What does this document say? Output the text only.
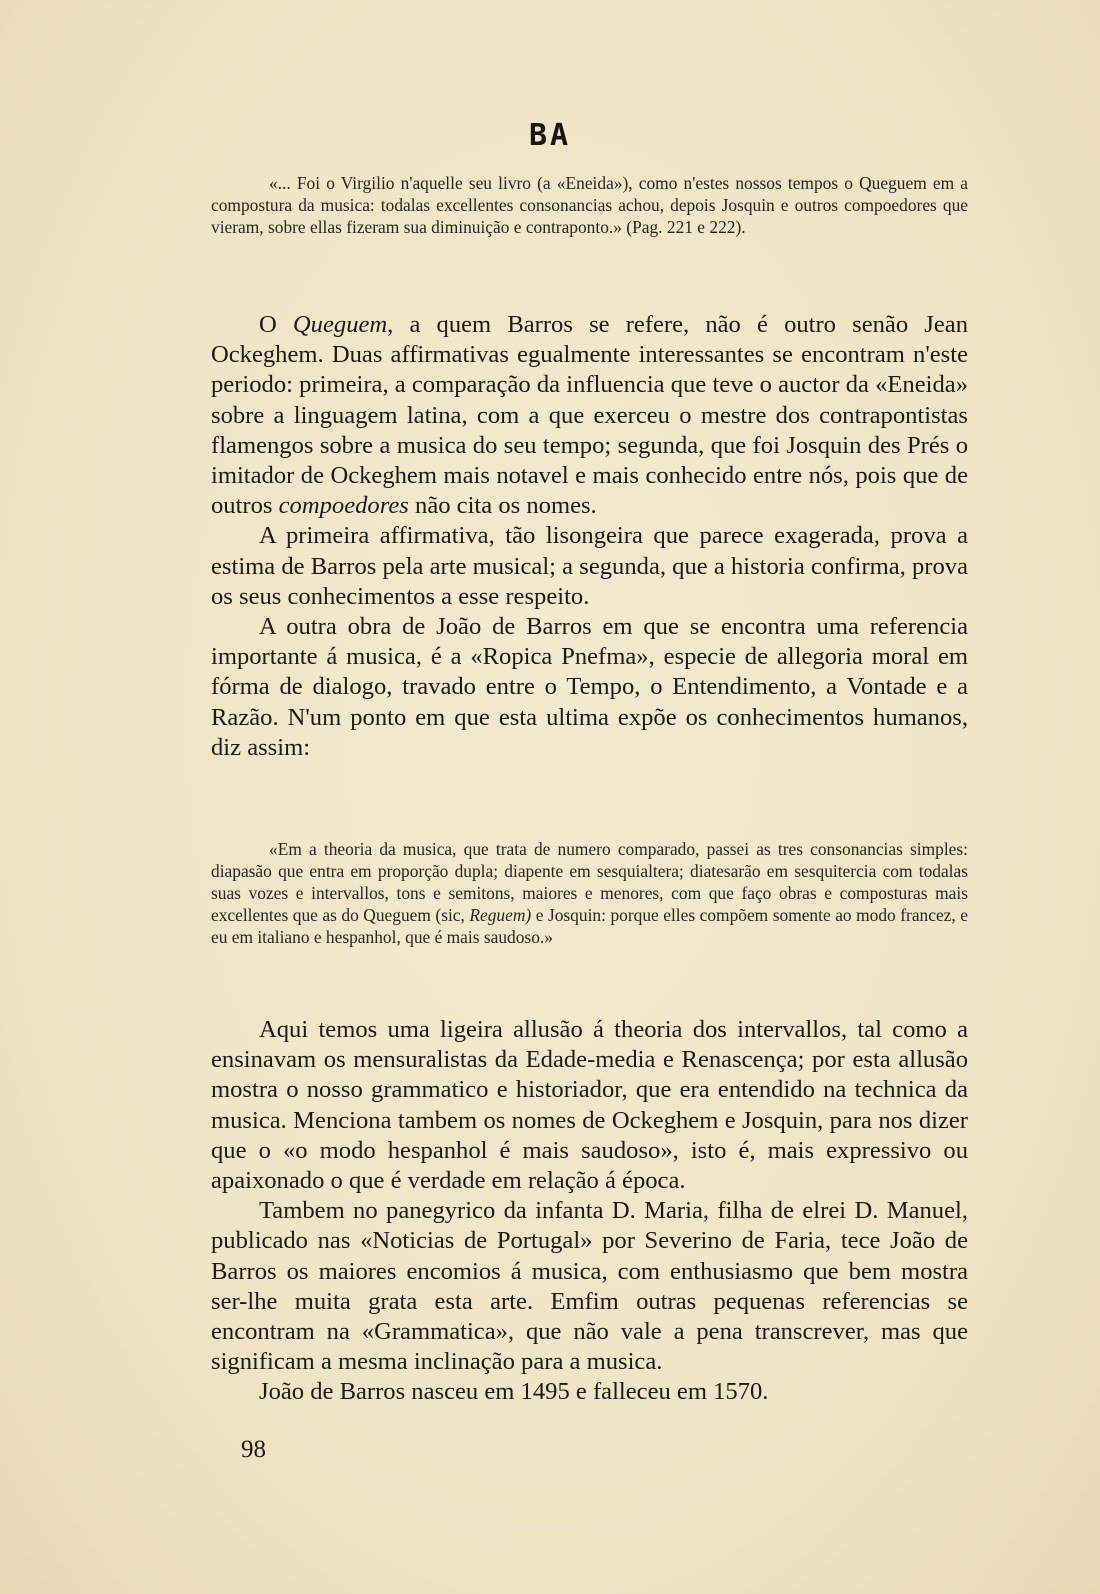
BA

«... Foi o Virgilio n'aquelle seu livro (a «Eneida»), como n'estes nossos tempos o Queguem em a compostura da musica: todalas excellentes consonancias achou, depois Josquin e outros compoedores que vieram, sobre ellas fizeram sua diminuição e contraponto.» (Pag. 221 e 222).

O Queguem, a quem Barros se refere, não é outro senão Jean Ockeghem. Duas affirmativas egualmente interessantes se encontram n'este periodo: primeira, a comparação da influencia que teve o auctor da «Eneida» sobre a linguagem latina, com a que exerceu o mestre dos contrapontistas flamengos sobre a musica do seu tempo; segunda, que foi Josquin des Prés o imitador de Ockeghem mais notavel e mais conhecido entre nós, pois que de outros compoedores não cita os nomes.

A primeira affirmativa, tão lisongeira que parece exagerada, prova a estima de Barros pela arte musical; a segunda, que a historia confirma, prova os seus conhecimentos a esse respeito.

A outra obra de João de Barros em que se encontra uma referencia importante á musica, é a «Ropica Pnefma», especie de allegoria moral em fórma de dialogo, travado entre o Tempo, o Entendimento, a Vontade e a Razão. N'um ponto em que esta ultima expõe os conhecimentos humanos, diz assim:

«Em a theoria da musica, que trata de numero comparado, passei as tres consonancias simples: diapasão que entra em proporção dupla; diapente em sesquialtera; diatesarão em sesquitercia com todalas suas vozes e intervallos, tons e semitons, maiores e menores, com que faço obras e composturas mais excellentes que as do Queguem (sic, Reguem) e Josquin: porque elles compõem somente ao modo francez, e eu em italiano e hespanhol, que é mais saudoso.»

Aqui temos uma ligeira allusão á theoria dos intervallos, tal como a ensinavam os mensuralistas da Edade-media e Renascença; por esta allusão mostra o nosso grammatico e historiador, que era entendido na technica da musica. Menciona tambem os nomes de Ockeghem e Josquin, para nos dizer que o «o modo hespanhol é mais saudoso», isto é, mais expressivo ou apaixonado o que é verdade em relação á época.

Tambem no panegyrico da infanta D. Maria, filha de elrei D. Manuel, publicado nas «Noticias de Portugal» por Severino de Faria, tece João de Barros os maiores encomios á musica, com enthusiasmo que bem mostra ser-lhe muita grata esta arte. Emfim outras pequenas referencias se encontram na «Grammatica», que não vale a pena transcrever, mas que significam a mesma inclinação para a musica.

João de Barros nasceu em 1495 e falleceu em 1570.

98
